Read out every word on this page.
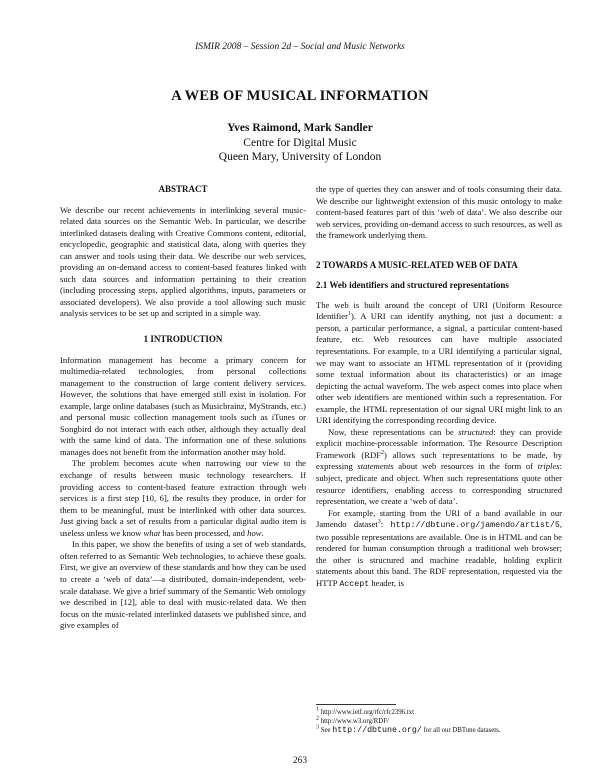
ISMIR 2008 – Session 2d – Social and Music Networks
A WEB OF MUSICAL INFORMATION
Yves Raimond, Mark Sandler
Centre for Digital Music
Queen Mary, University of London
ABSTRACT

We describe our recent achievements in interlinking several music-related data sources on the Semantic Web. In particular, we describe interlinked datasets dealing with Creative Commons content, editorial, encyclopedic, geographic and statistical data, along with queries they can answer and tools using their data. We describe our web services, providing an on-demand access to content-based features linked with such data sources and information pertaining to their creation (including processing steps, applied algorithms, inputs, parameters or associated developers). We also provide a tool allowing such music analysis services to be set up and scripted in a simple way.

1 INTRODUCTION

Information management has become a primary concern for multimedia-related technologies, from personal collections management to the construction of large content delivery services. However, the solutions that have emerged still exist in isolation. For example, large online databases (such as Musicbrainz, MyStrands, etc.) and personal music collection management tools such as iTunes or Songbird do not interact with each other, although they actually deal with the same kind of data. The information one of these solutions manages does not benefit from the information another may hold.

The problem becomes acute when narrowing our view to the exchange of results between music technology researchers. If providing access to content-based feature extraction through web services is a first step [10, 6], the results they produce, in order for them to be meaningful, must be interlinked with other data sources. Just giving back a set of results from a particular digital audio item is useless unless we know what has been processed, and how.

In this paper, we show the benefits of using a set of web standards, often referred to as Semantic Web technologies, to achieve these goals. First, we give an overview of these standards and how they can be used to create a ‘web of data’—a distributed, domain-independent, web-scale database. We give a brief summary of the Semantic Web ontology we described in [12], able to deal with music-related data. We then focus on the music-related interlinked datasets we published since, and give examples of

the type of queries they can answer and of tools consuming their data. We describe our lightweight extension of this music ontology to make content-based features part of this ‘web of data’. We also describe our web services, providing on-demand access to such resources, as well as the framework underlying them.

2 TOWARDS A MUSIC-RELATED WEB OF DATA
2.1 Web identifiers and structured representations

The web is built around the concept of URI (Uniform Resource Identifier$^1$). A URI can identify anything, not just a document: a person, a particular performance, a signal, a particular content-based feature, etc. Web resources can have multiple associated representations. For example, to a URI identifying a particular signal, we may want to associate an HTML representation of it (providing some textual information about its characteristics) or an image depicting the actual waveform. The web aspect comes into place when other web identifiers are mentioned within such a representation. For example, the HTML representation of our signal URI might link to an URI identifying the corresponding recording device.

Now, these representations can be structured: they can provide explicit machine-processable information. The Resource Description Framework (RDF$^2$) allows such representations to be made, by expressing statements about web resources in the form of triples: subject, predicate and object. When such representations quote other resource identifiers, enabling access to corresponding structured representation, we create a ‘web of data’.

For example, starting from the URI of a band available in our Jamendo dataset$^3$: http://dbtune.org/jamendo/artist/5, two possible representations are available. One is in HTML and can be rendered for human consumption through a traditional web browser; the other is structured and machine readable, holding explicit statements about this band. The RDF representation, requested via the HTTP Accept header, is

$^1$ http://www.ietf.org/rfc/rfc2396.txt
$^2$ http://www.w3.org/RDF/
$^3$ See http://dbtune.org/ for all our DBTune datasets.
263
